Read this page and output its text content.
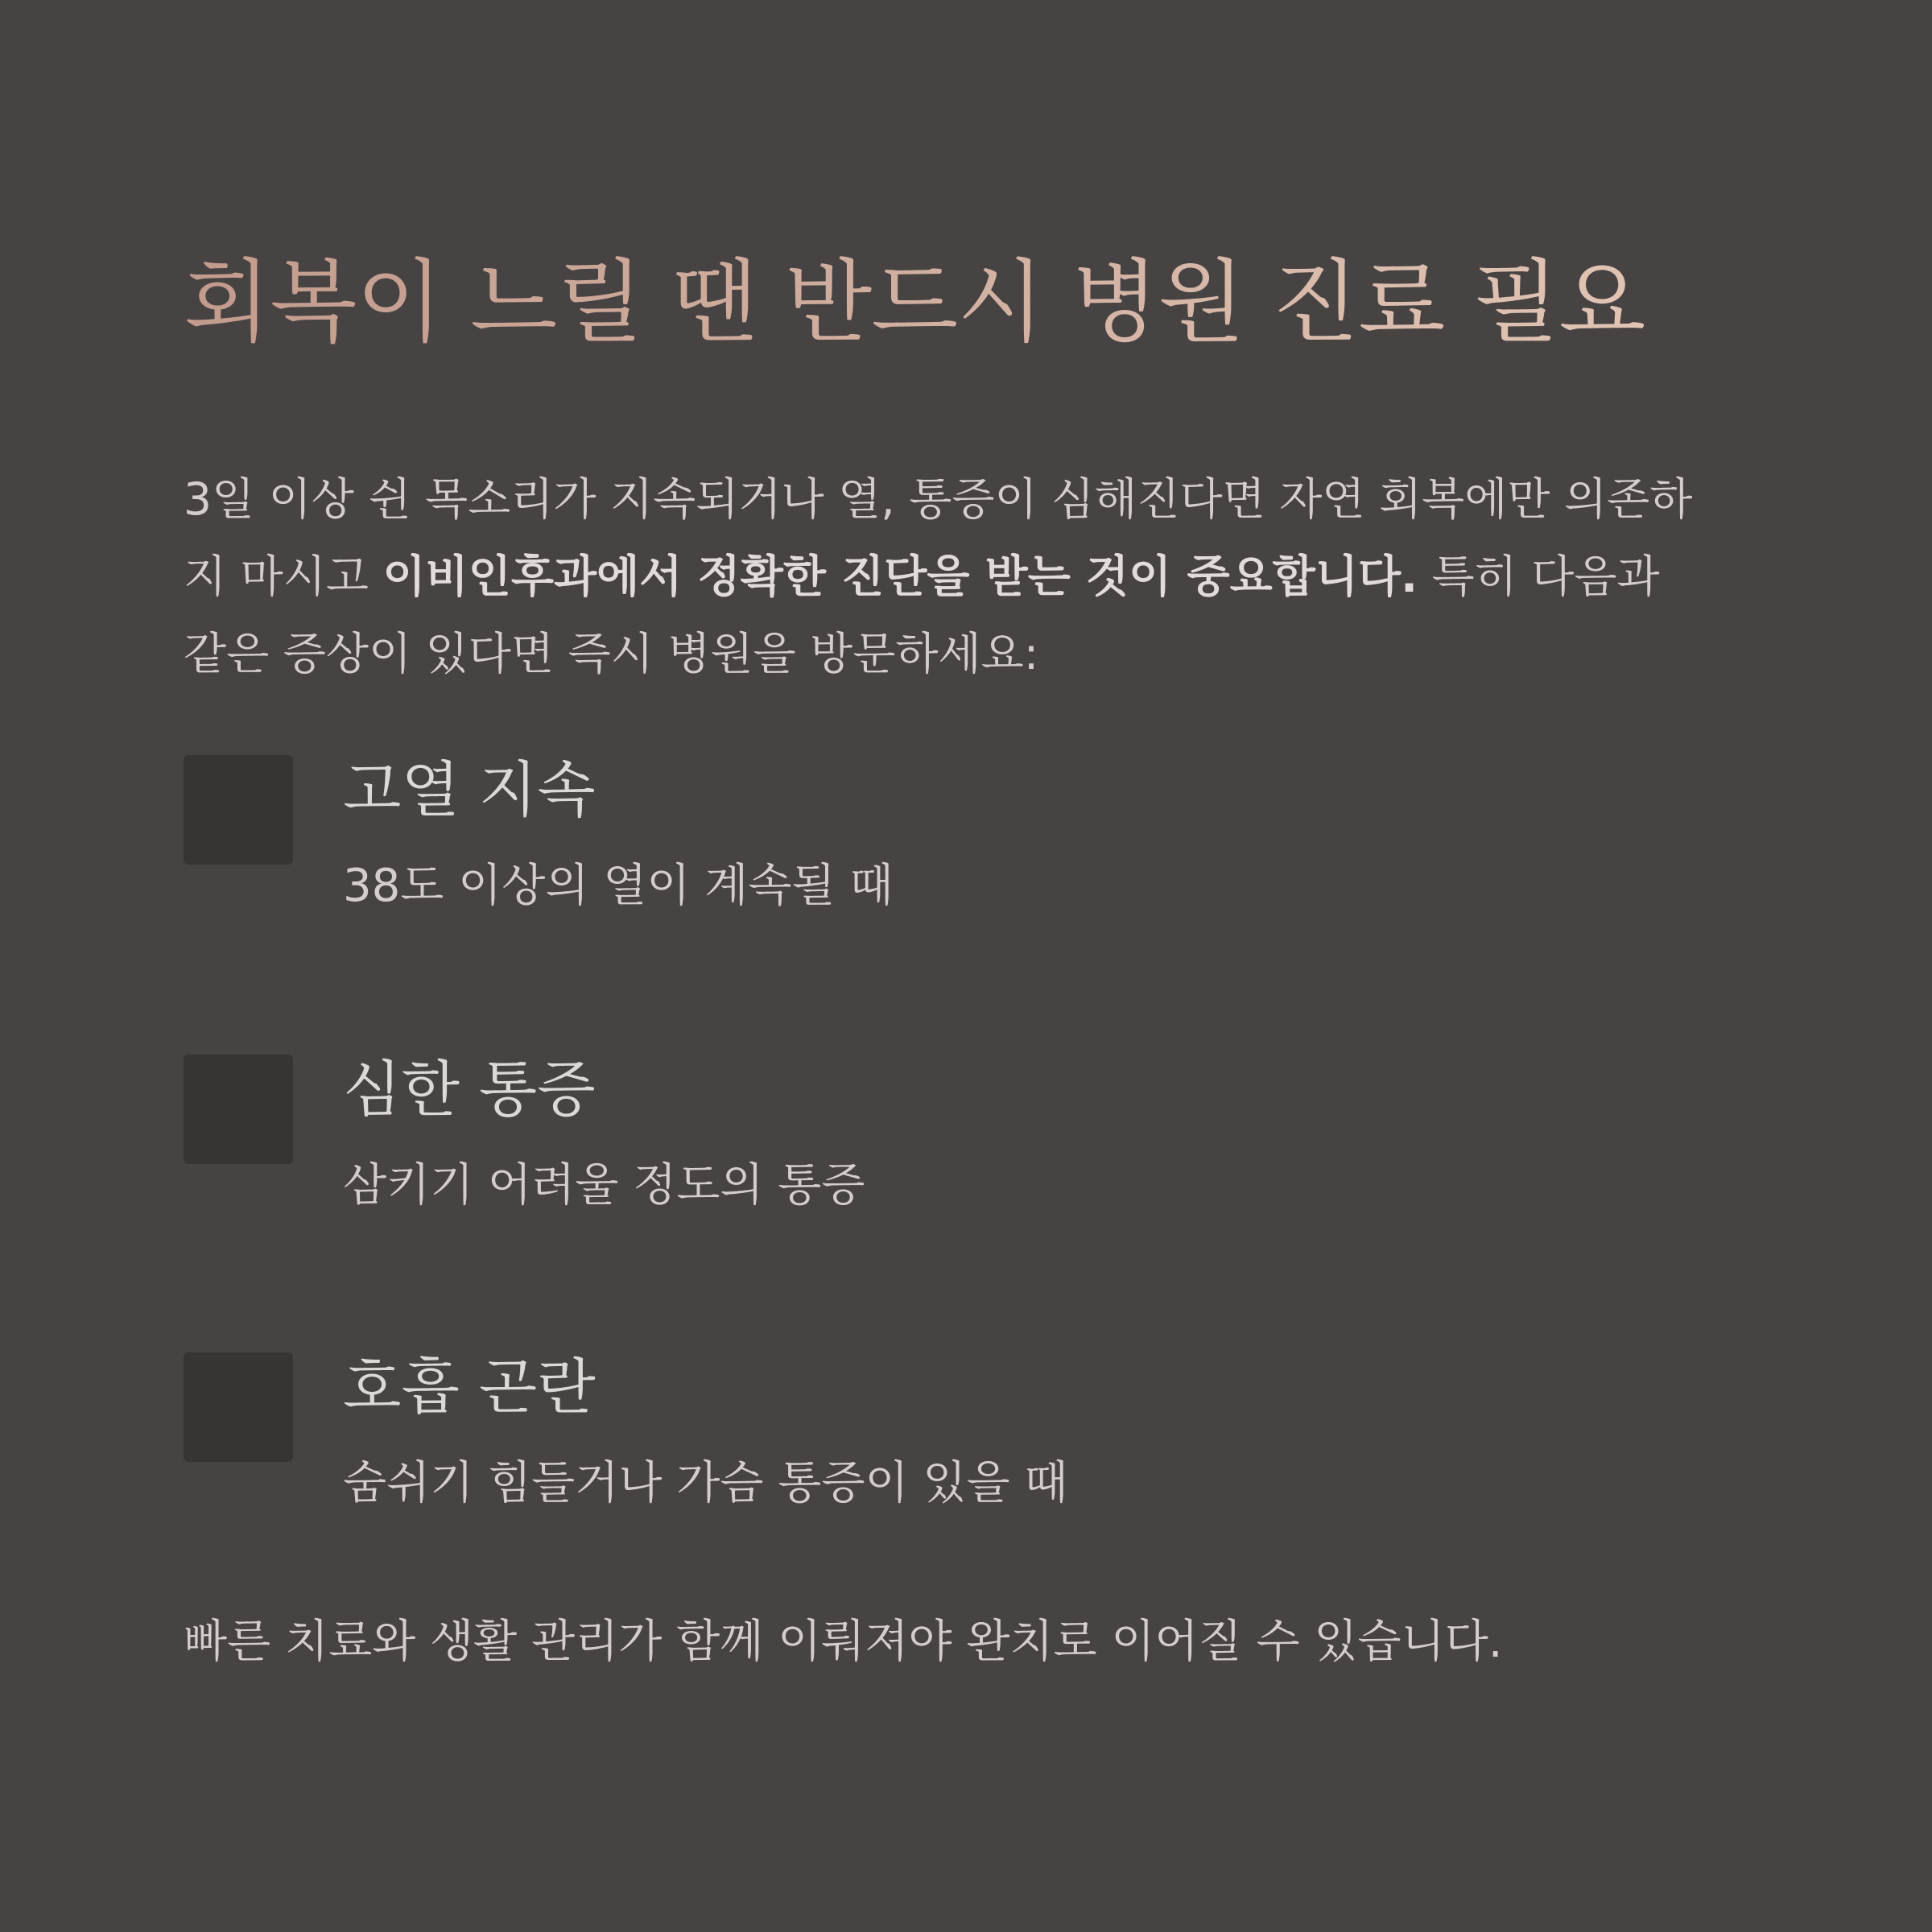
회복이 느릴 땐 반드시 병원 진료 필요

3일 이상 쉰 목소리가 지속되거나 열, 통증이 심해진다면 자연 회복에만 의존하
지 마시고 이비인후과에서 정확한 진단을 받는 것이 중요합니다. 특히 다음과
같은 증상이 있다면 즉시 병원을 방문하세요:

고열 지속

38도 이상의 열이 계속될 때

심한 통증

삼키기 어려울 정도의 통증

호흡 곤란

숨쉬기 힘들거나 가슴 통증이 있을 때

빠른 치료와 생활 관리가 함께 이뤄져야 완치로 이어질 수 있습니다.
